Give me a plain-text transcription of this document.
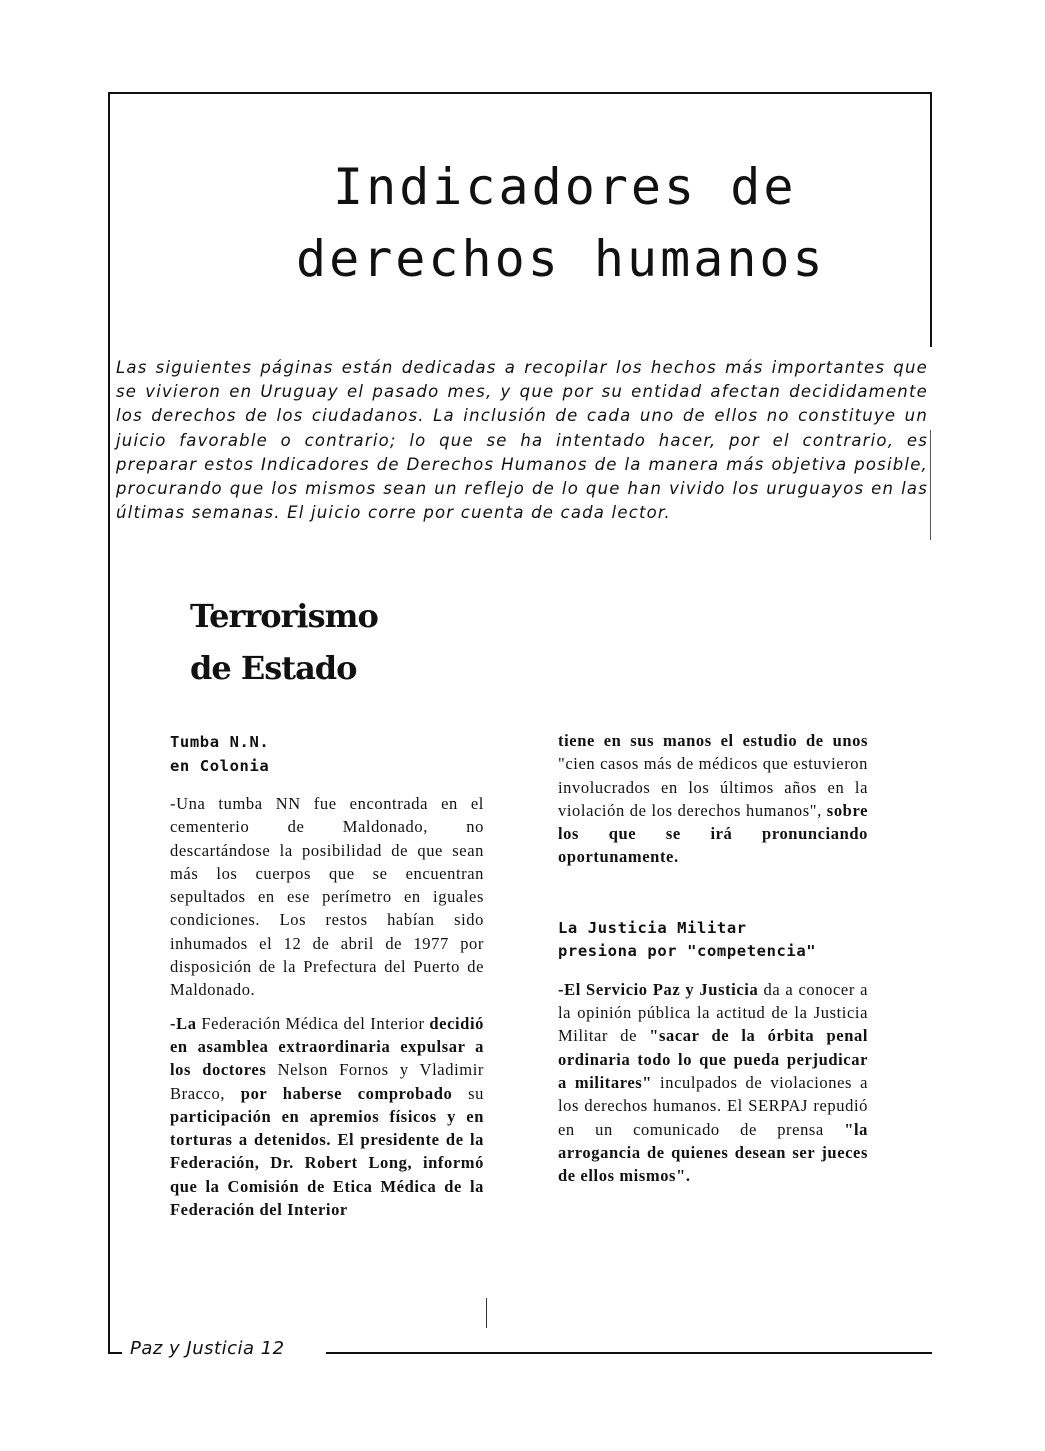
Indicadores de
derechos humanos

Las siguientes páginas están dedicadas a recopilar los hechos más importantes que se vivieron en Uruguay el pasado mes, y que por su entidad afectan decididamente los derechos de los ciudadanos. La inclusión de cada uno de ellos no constituye un juicio favorable o contrario; lo que se ha intentado hacer, por el contrario, es preparar estos Indicadores de Derechos Humanos de la manera más objetiva posible, procurando que los mismos sean un reflejo de lo que han vivido los uruguayos en las últimas semanas. El juicio corre por cuenta de cada lector.

Terrorismo
de Estado

Tumba N.N.
en Colonia

-Una tumba NN fue encontrada en el cementerio de Maldonado, no descartándose la posibilidad de que sean más los cuerpos que se encuentran sepultados en ese perímetro en iguales condiciones. Los restos habían sido inhumados el 12 de abril de 1977 por disposición de la Prefectura del Puerto de Maldonado.

-La Federación Médica del Interior decidió en asamblea extraordinaria expulsar a los doctores Nelson Fornos y Vladimir Bracco, por haberse comprobado su participación en apremios físicos y en torturas a detenidos. El presidente de la Federación, Dr. Robert Long, informó que la Comisión de Etica Médica de la Federación del Interior

tiene en sus manos el estudio de unos "cien casos más de médicos que estuvieron involucrados en los últimos años en la violación de los derechos humanos", sobre los que se irá pronunciando oportunamente.

La Justicia Militar
presiona por "competencia"

-El Servicio Paz y Justicia da a conocer a la opinión pública la actitud de la Justicia Militar de "sacar de la órbita penal ordinaria todo lo que pueda perjudicar a militares" inculpados de violaciones a los derechos humanos. El SERPAJ repudió en un comunicado de prensa "la arrogancia de quienes desean ser jueces de ellos mismos".

Paz y Justicia 12
